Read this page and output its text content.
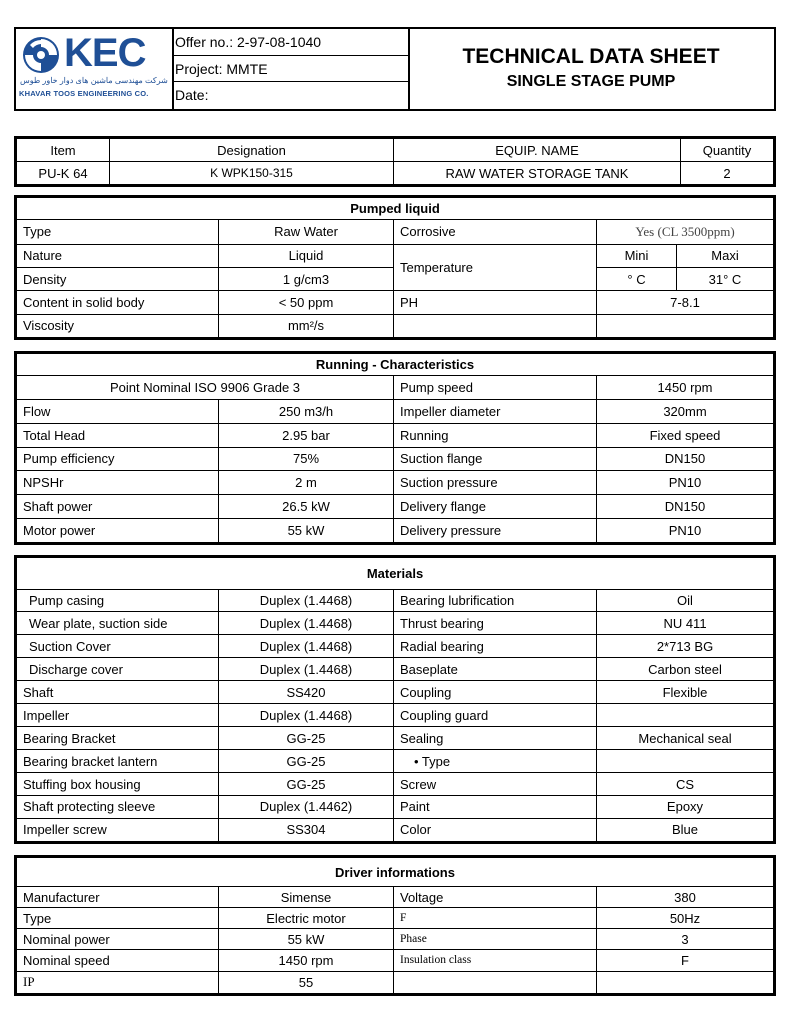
KEC
شرکت مهندسی ماشین های دوار خاور طوس
KHAVAR TOOS ENGINEERING CO.
Offer no.: 2-97-08-1040
Project: MMTE
Date:
TECHNICAL DATA SHEET
SINGLE STAGE PUMP
Item	Designation	EQUIP. NAME	Quantity
PU-K 64	K WPK150-315	RAW WATER STORAGE TANK	2
Pumped liquid				
Type	Raw Water	Corrosive	Yes (CL 3500ppm)	
Nature	Liquid	Temperature	Mini	Maxi
Density	1 g/cm3		° C	31° C
Content in solid body	< 50 ppm	PH	7-8.1	
Viscosity	mm²/s			
Running - Characteristics			
Point Nominal ISO 9906 Grade 3		Pump speed	1450 rpm
Flow	250 m3/h	Impeller diameter	320mm
Total Head	2.95 bar	Running	Fixed speed
Pump efficiency	75%	Suction flange	DN150
NPSHr	2 m	Suction pressure	PN10
Shaft power	26.5 kW	Delivery flange	DN150
Motor power	55 kW	Delivery pressure	PN10
Materials			
Pump casing	Duplex (1.4468)	Bearing lubrification	Oil
Wear plate, suction side	Duplex (1.4468)	Thrust bearing	NU 411
Suction Cover	Duplex (1.4468)	Radial bearing	2*713 BG
Discharge cover	Duplex (1.4468)	Baseplate	Carbon steel
Shaft	SS420	Coupling	Flexible
Impeller	Duplex (1.4468)	Coupling guard	
Bearing Bracket	GG-25	Sealing	Mechanical seal
Bearing bracket lantern	GG-25	• Type	
Stuffing box housing	GG-25	Screw	CS
Shaft protecting sleeve	Duplex (1.4462)	Paint	Epoxy
Impeller screw	SS304	Color	Blue
Driver informations			
Manufacturer	Simense	Voltage	380
Type	Electric motor	F	50Hz
Nominal power	55 kW	Phase	3
Nominal speed	1450 rpm	Insulation class	F
IP	55		
